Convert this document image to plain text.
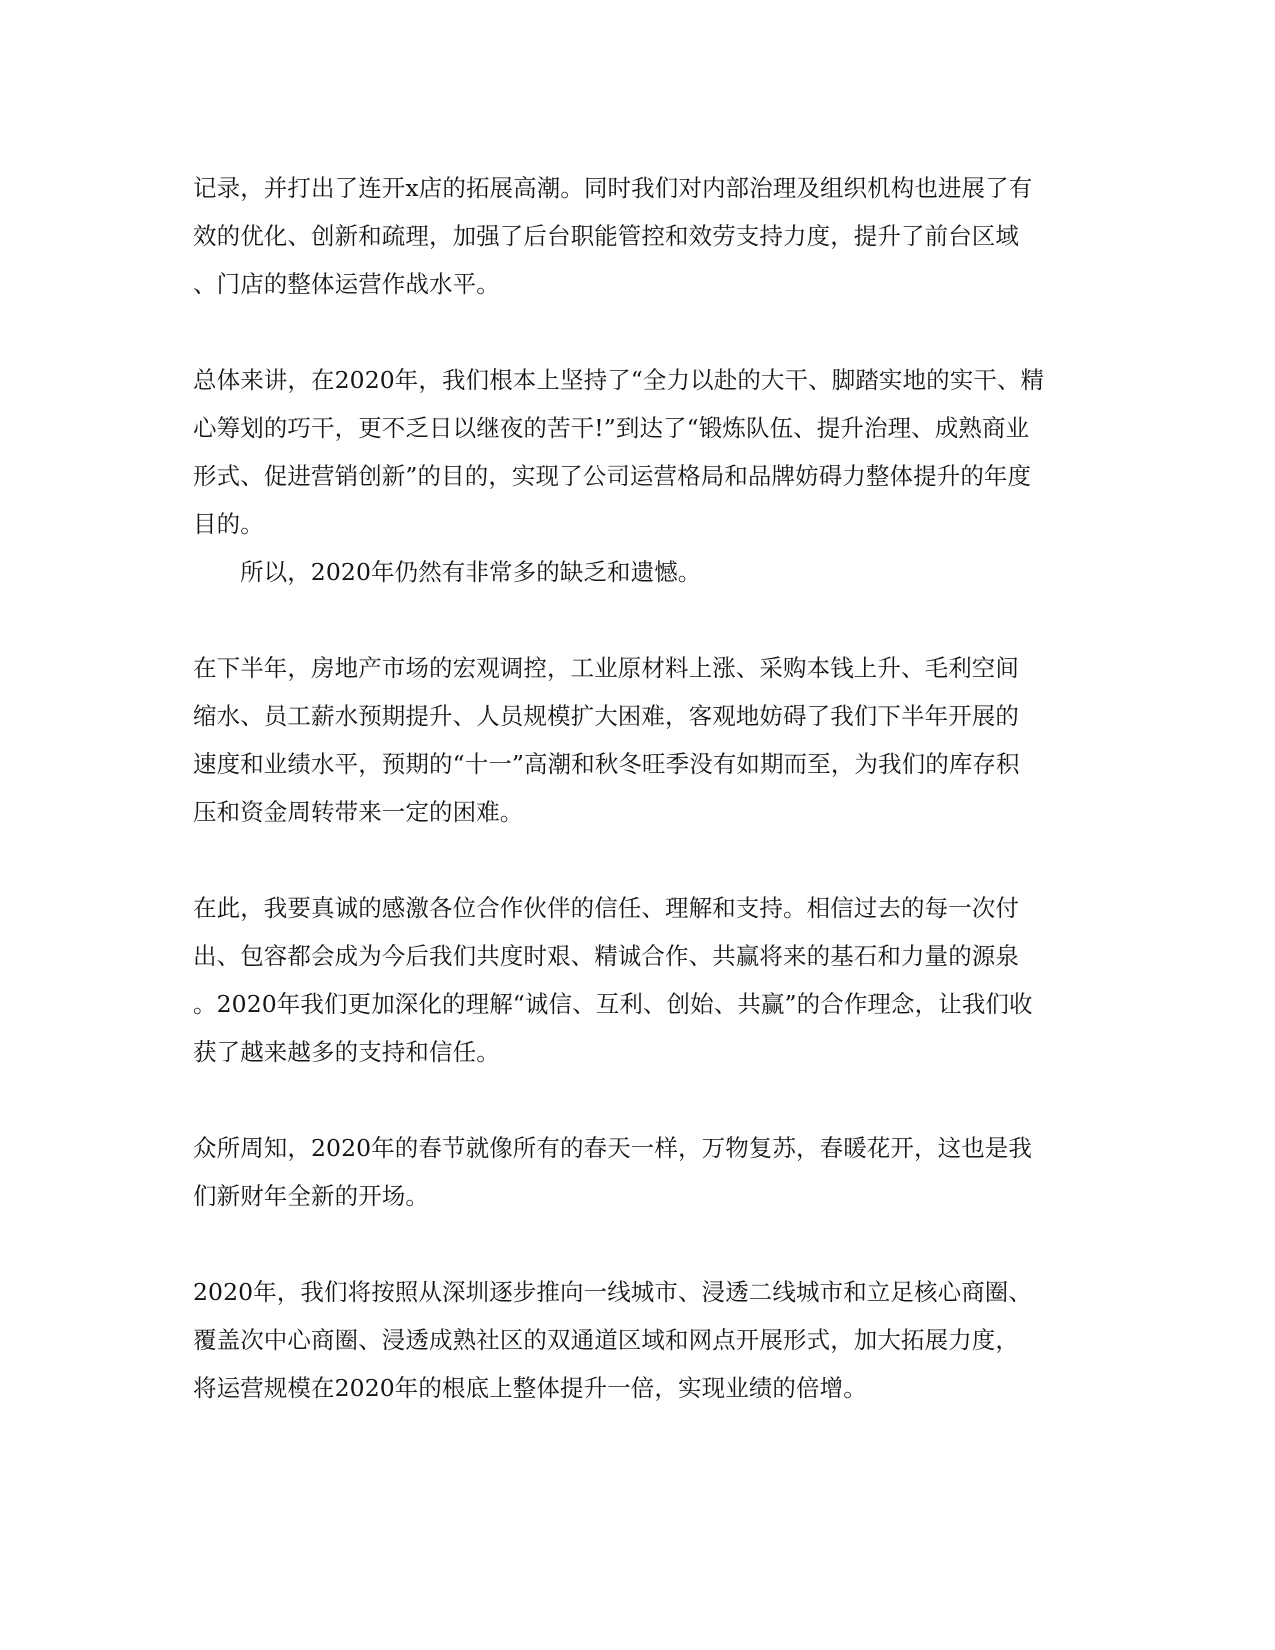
记录，并打出了连开x店的拓展高潮。同时我们对内部治理及组织机构也进展了有
效的优化、创新和疏理，加强了后台职能管控和效劳支持力度，提升了前台区域
、门店的整体运营作战水平。
总体来讲，在2020年，我们根本上坚持了“全力以赴的大干、脚踏实地的实干、精
心筹划的巧干，更不乏日以继夜的苦干!”到达了“锻炼队伍、提升治理、成熟商业
形式、促进营销创新”的目的，实现了公司运营格局和品牌妨碍力整体提升的年度
目的。
所以，2020年仍然有非常多的缺乏和遗憾。
在下半年，房地产市场的宏观调控，工业原材料上涨、采购本钱上升、毛利空间
缩水、员工薪水预期提升、人员规模扩大困难，客观地妨碍了我们下半年开展的
速度和业绩水平，预期的“十一”高潮和秋冬旺季没有如期而至，为我们的库存积
压和资金周转带来一定的困难。
在此，我要真诚的感激各位合作伙伴的信任、理解和支持。相信过去的每一次付
出、包容都会成为今后我们共度时艰、精诚合作、共赢将来的基石和力量的源泉
。2020年我们更加深化的理解“诚信、互利、创始、共赢”的合作理念，让我们收
获了越来越多的支持和信任。
众所周知，2020年的春节就像所有的春天一样，万物复苏，春暖花开，这也是我
们新财年全新的开场。
2020年，我们将按照从深圳逐步推向一线城市、浸透二线城市和立足核心商圈、
覆盖次中心商圈、浸透成熟社区的双通道区域和网点开展形式，加大拓展力度，
将运营规模在2020年的根底上整体提升一倍，实现业绩的倍增。
